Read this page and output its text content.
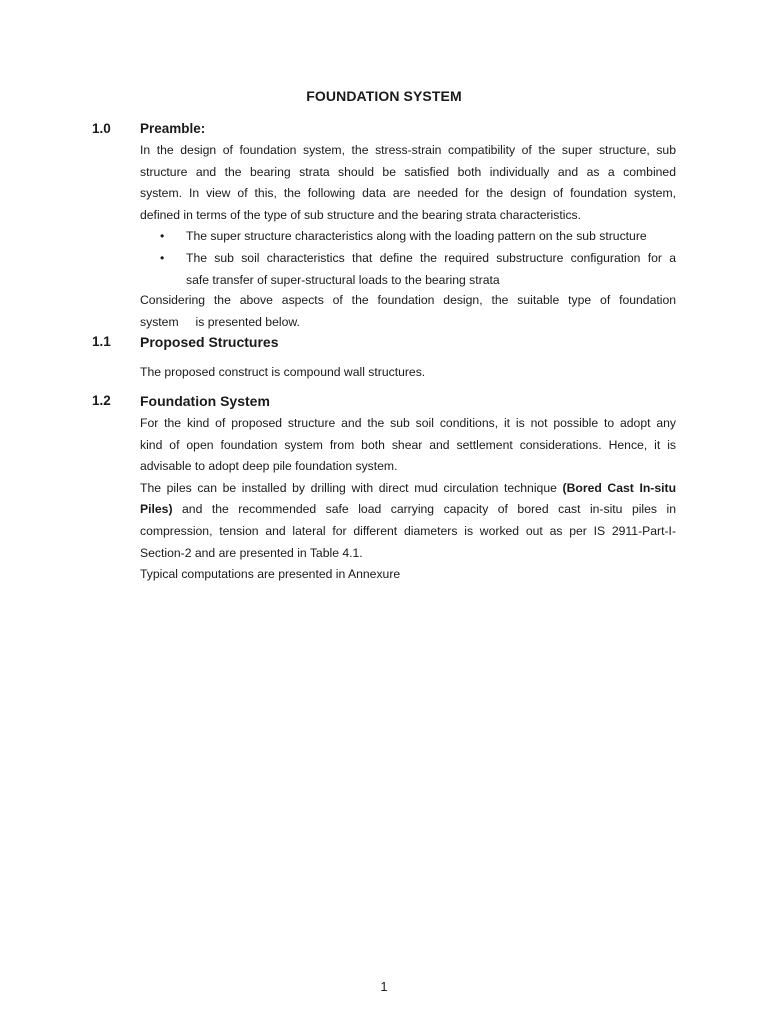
FOUNDATION SYSTEM
1.0 Preamble:
In the design of foundation system, the stress-strain compatibility of the super structure, sub
structure and the bearing strata should be satisfied both individually and as a combined
system. In view of this, the following data are needed for the design of foundation system,
defined in terms of the type of sub structure and the bearing strata characteristics.
• The super structure characteristics along with the loading pattern on the sub structure
• The sub soil characteristics that define the required substructure configuration for a
safe transfer of super-structural loads to the bearing strata
Considering the above aspects of the foundation design, the suitable type of foundation
system     is presented below.
1.1 Proposed Structures
The proposed construct is compound wall structures.
1.2 Foundation System
For the kind of proposed structure and the sub soil conditions, it is not possible to adopt any
kind of open foundation system from both shear and settlement considerations. Hence, it is
advisable to adopt deep pile foundation system.
The piles can be installed by drilling with direct mud circulation technique (Bored Cast In-situ
Piles) and the recommended safe load carrying capacity of bored cast in-situ piles in
compression, tension and lateral for different diameters is worked out as per IS 2911-Part-I-
Section-2 and are presented in Table 4.1.
Typical computations are presented in Annexure
1
